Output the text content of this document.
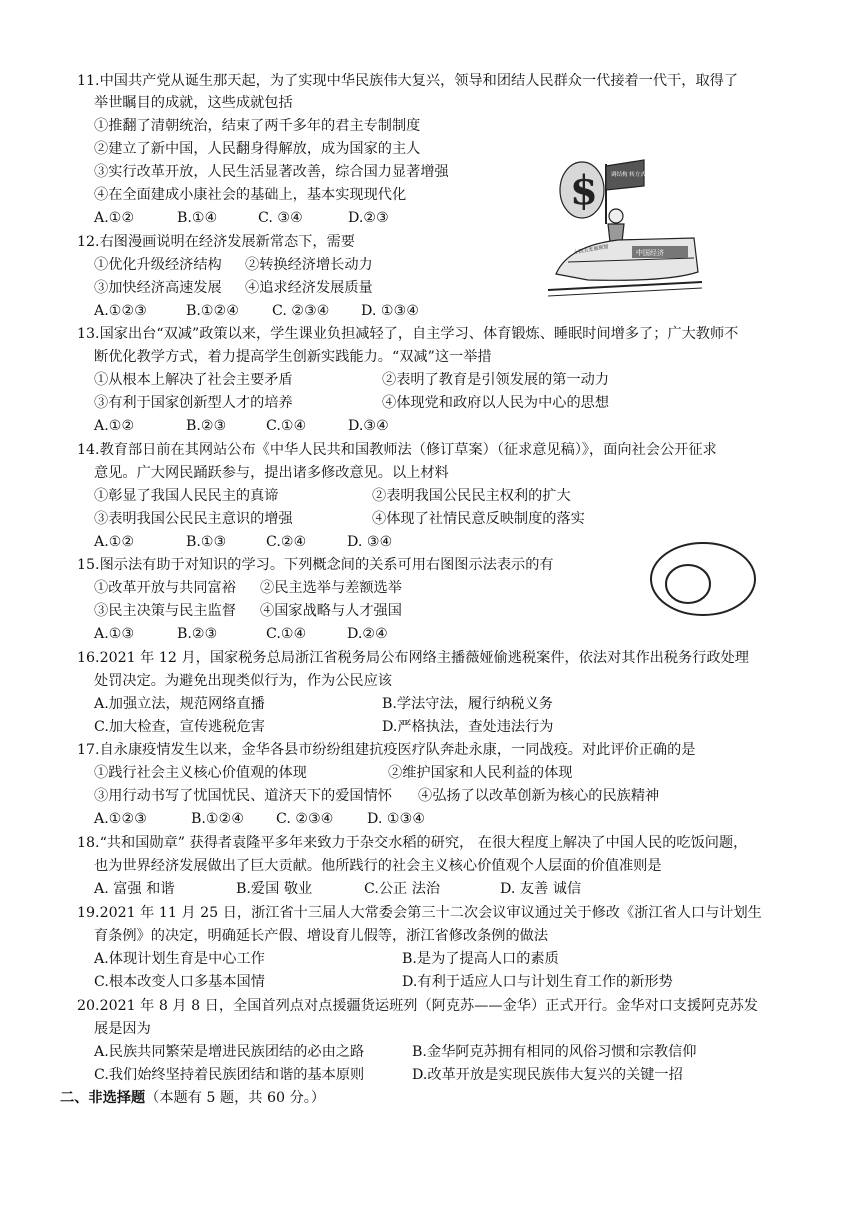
11.中国共产党从诞生那天起，为了实现中华民族伟大复兴，领导和团结人民群众一代接着一代干，取得了
举世瞩目的成就，这些成就包括
①推翻了清朝统治，结束了两千多年的君主专制制度
②建立了新中国，人民翻身得解放，成为国家的主人
③实行改革开放，人民生活显著改善，综合国力显著增强
④在全面建成小康社会的基础上，基本实现现代化
A.①②	B.①④	C. ③④	D.②③
12.右图漫画说明在经济发展新常态下，需要
①优化升级经济结构 ②转换经济增长动力
③加快经济高速发展 ④追求经济发展质量
A.①②③	B.①②④ C. ②③④ D. ①③④
13.国家出台“双减”政策以来，学生课业负担减轻了，自主学习、体育锻炼、睡眠时间增多了；广大教师不
断优化教学方式，着力提高学生创新实践能力。“双减”这一举措
①从根本上解决了社会主要矛盾	②表明了教育是引领发展的第一动力
③有利于国家创新型人才的培养	④体现党和政府以人民为中心的思想
A.①②	B.②③	C.①④	D.③④
14.教育部日前在其网站公布《中华人民共和国教师法（修订草案）（征求意见稿）》，面向社会公开征求
意见。广大网民踊跃参与，提出诸多修改意见。以上材料
①彰显了我国人民民主的真谛	②表明我国公民民主权利的扩大
③表明我国公民民主意识的增强	④体现了社情民意反映制度的落实
A.①②	B.①③	C.②④	D. ③④
15.图示法有助于对知识的学习。下列概念间的关系可用右图图示法表示的有
①改革开放与共同富裕 ②民主选举与差额选举
③民主决策与民主监督 ④国家战略与人才强国
A.①③	B.②③	C.①④	D.②④
16.2021 年 12 月，国家税务总局浙江省税务局公布网络主播薇娅偷逃税案件，依法对其作出税务行政处理
处罚决定。为避免出现类似行为，作为公民应该
A.加强立法，规范网络直播	B.学法守法，履行纳税义务
C.加大检查，宣传逃税危害	D.严格执法，查处违法行为
17.自永康疫情发生以来，金华各县市纷纷组建抗疫医疗队奔赴永康，一同战疫。对此评价正确的是
①践行社会主义核心价值观的体现	②维护国家和人民利益的体现
③用行动书写了忧国忧民、道济天下的爱国情怀 ④弘扬了以改革创新为核心的民族精神
A.①②③	B.①②④ C. ②③④ D. ①③④
18.“共和国勋章” 获得者袁隆平多年来致力于杂交水稻的研究， 在很大程度上解决了中国人民的吃饭问题，
也为世界经济发展做出了巨大贡献。他所践行的社会主义核心价值观个人层面的价值准则是
A. 富强 和谐	B.爱国 敬业	C.公正 法治	D. 友善 诚信
19.2021 年 11 月 25 日，浙江省十三届人大常委会第三十二次会议审议通过关于修改《浙江省人口与计划生
育条例》的决定，明确延长产假、增设育儿假等，浙江省修改条例的做法
A.体现计划生育是中心工作	B.是为了提高人口的素质
C.根本改变人口多基本国情	D.有利于适应人口与计划生育工作的新形势
20.2021 年 8 月 8 日，全国首列点对点援疆货运班列（阿克苏——金华）正式开行。金华对口支援阿克苏发
展是因为
A.民族共同繁荣是增进民族团结的必由之路	B.金华阿克苏拥有相同的风俗习惯和宗教信仰
C.我们始终坚持着民族团结和谐的基本原则	D.改革开放是实现民族伟大复兴的关键一招
二、非选择题（本题有 5 题，共 60 分。）
$ 调结构 转方式
中国经济
十四五发展规划
